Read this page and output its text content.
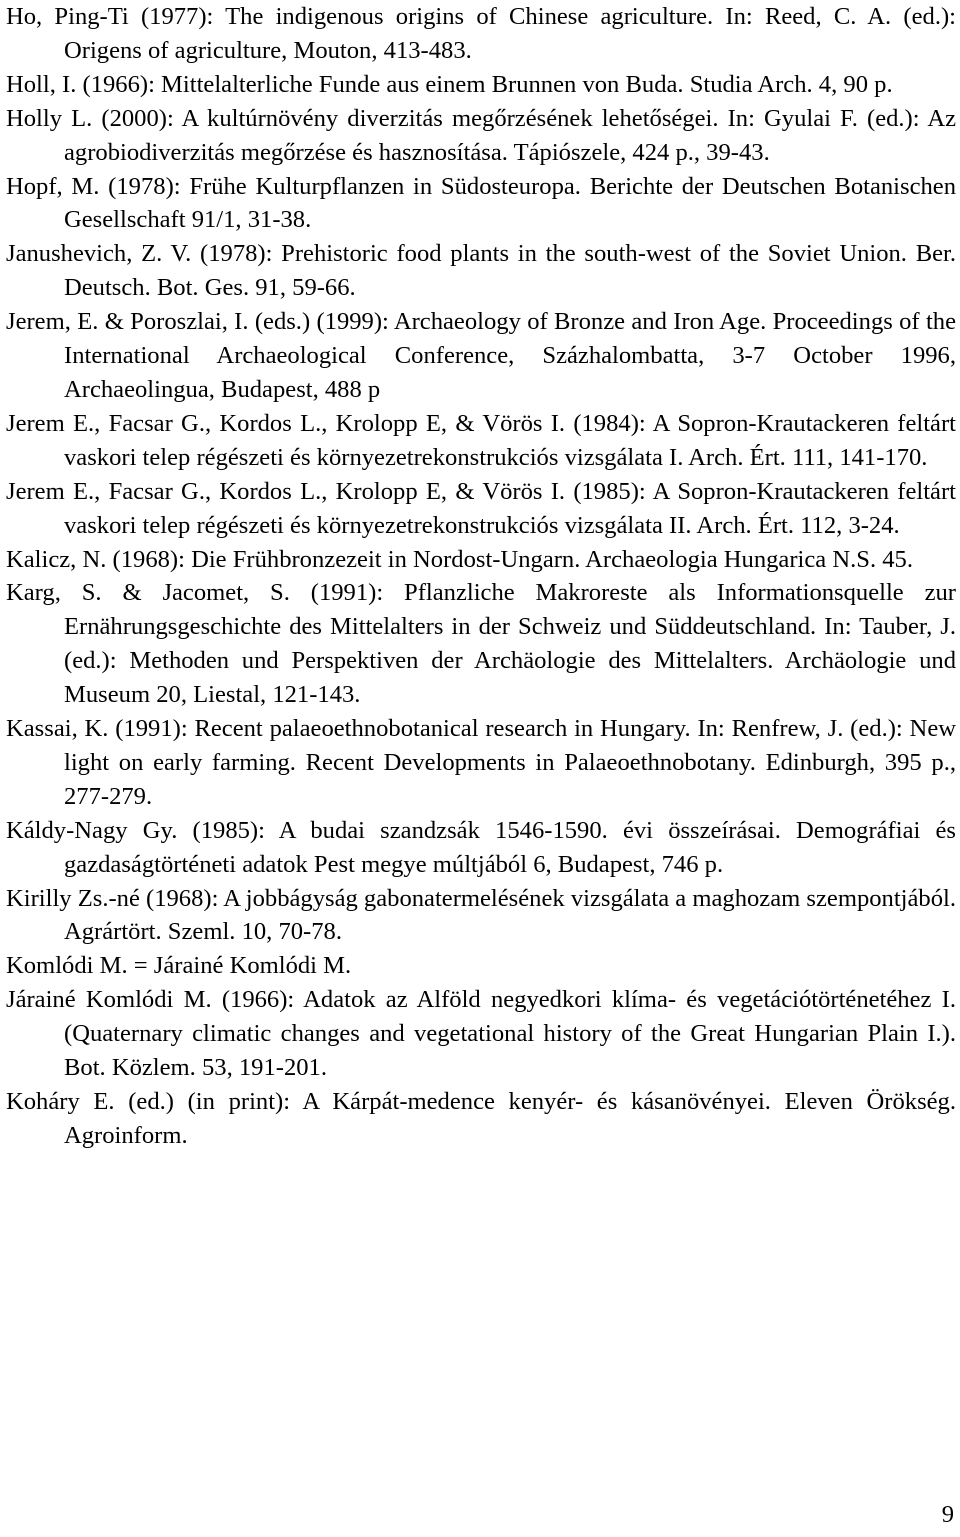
Ho, Ping-Ti (1977): The indigenous origins of Chinese agriculture. In: Reed, C. A. (ed.): Origens of agriculture, Mouton, 413-483.
Holl, I. (1966): Mittelalterliche Funde aus einem Brunnen von Buda. Studia Arch. 4, 90 p.
Holly L. (2000): A kultúrnövény diverzitás megőrzésének lehetőségei. In: Gyulai F. (ed.): Az agrobiodiverzitás megőrzése és hasznosítása. Tápiószele, 424 p., 39-43.
Hopf, M. (1978): Frühe Kulturpflanzen in Südosteuropa. Berichte der Deutschen Botanischen Gesellschaft 91/1, 31-38.
Janushevich, Z. V. (1978): Prehistoric food plants in the south-west of the Soviet Union. Ber. Deutsch. Bot. Ges. 91, 59-66.
Jerem, E. & Poroszlai, I. (eds.) (1999): Archaeology of Bronze and Iron Age. Proceedings of the International Archaeological Conference, Százhalombatta, 3-7 October 1996, Archaeolingua, Budapest, 488 p
Jerem E., Facsar G., Kordos L., Krolopp E, & Vörös I. (1984): A Sopron-Krautackeren feltárt vaskori telep régészeti és környezetrekonstrukciós vizsgálata I. Arch. Ért. 111, 141-170.
Jerem E., Facsar G., Kordos L., Krolopp E, & Vörös I. (1985): A Sopron-Krautackeren feltárt vaskori telep régészeti és környezetrekonstrukciós vizsgálata II. Arch. Ért. 112, 3-24.
Kalicz, N. (1968): Die Frühbronzezeit in Nordost-Ungarn. Archaeologia Hungarica N.S. 45.
Karg, S. & Jacomet, S. (1991): Pflanzliche Makroreste als Informationsquelle zur Ernährungsgeschichte des Mittelalters in der Schweiz und Süddeutschland. In: Tauber, J. (ed.): Methoden und Perspektiven der Archäologie des Mittelalters. Archäologie und Museum 20, Liestal, 121-143.
Kassai, K. (1991): Recent palaeoethnobotanical research in Hungary. In: Renfrew, J. (ed.): New light on early farming. Recent Developments in Palaeoethnobotany. Edinburgh, 395 p., 277-279.
Káldy-Nagy Gy. (1985): A budai szandzsák 1546-1590. évi összeírásai. Demográfiai és gazdaságtörténeti adatok Pest megye múltjából 6, Budapest, 746 p.
Kirilly Zs.-né (1968): A jobbágyság gabonatermelésének vizsgálata a maghozam szempontjából. Agrártört. Szeml. 10, 70-78.
Komlódi M. = Járainé Komlódi M.
Járainé Komlódi M. (1966): Adatok az Alföld negyedkori klíma- és vegetációtörténetéhez I. (Quaternary climatic changes and vegetational history of the Great Hungarian Plain I.). Bot. Közlem. 53, 191-201.
Koháry E. (ed.) (in print): A Kárpát-medence kenyér- és kásanövényei. Eleven Örökség. Agroinform.
9
